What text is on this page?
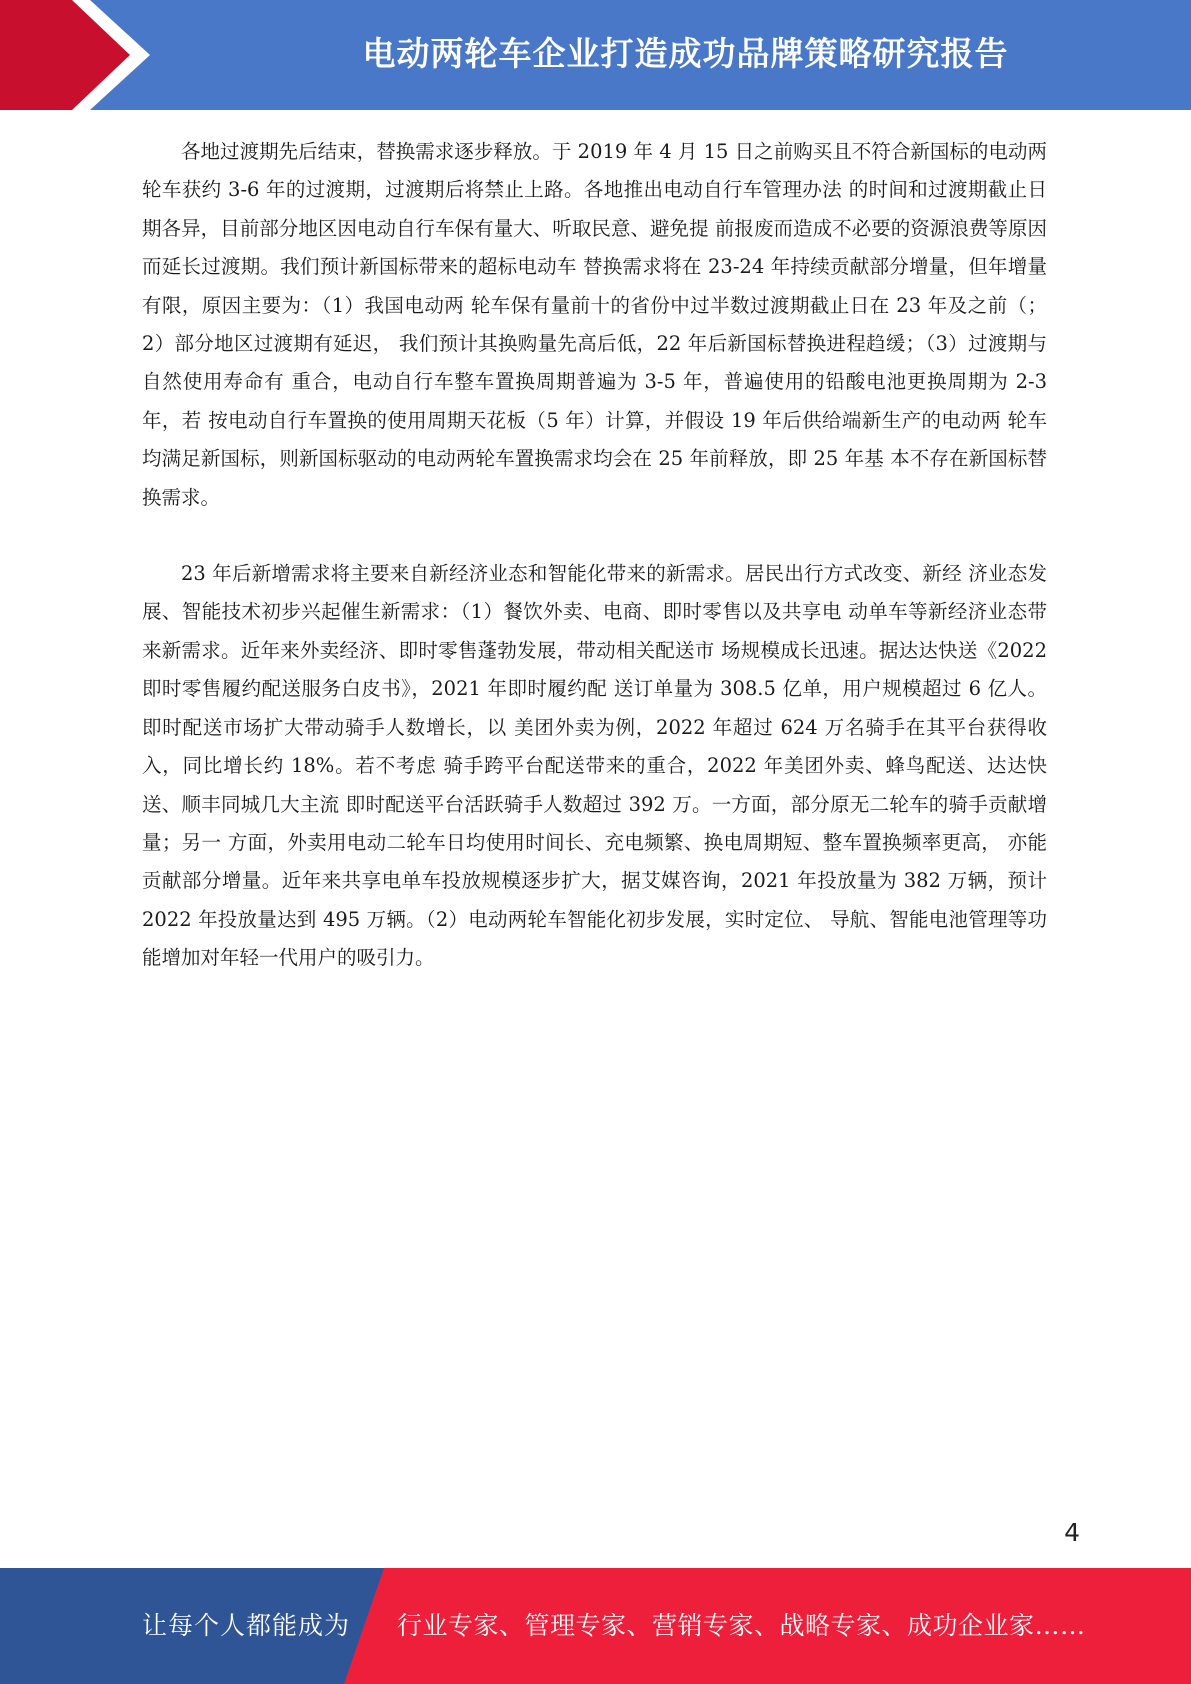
电动两轮车企业打造成功品牌策略研究报告

各地过渡期先后结束，替换需求逐步释放。于 2019 年 4 月 15 日之前购买且不符合新国标的电动两轮车获约 3-6 年的过渡期，过渡期后将禁止上路。各地推出电动自行车管理办法 的时间和过渡期截止日期各异，目前部分地区因电动自行车保有量大、听取民意、避免提 前报废而造成不必要的资源浪费等原因而延长过渡期。我们预计新国标带来的超标电动车 替换需求将在 23-24 年持续贡献部分增量，但年增量有限，原因主要为：（1）我国电动两 轮车保有量前十的省份中过半数过渡期截止日在 23 年及之前（；2）部分地区过渡期有延迟， 我们预计其换购量先高后低，22 年后新国标替换进程趋缓；（3）过渡期与自然使用寿命有 重合，电动自行车整车置换周期普遍为 3-5 年，普遍使用的铅酸电池更换周期为 2-3 年，若 按电动自行车置换的使用周期天花板（5 年）计算，并假设 19 年后供给端新生产的电动两 轮车均满足新国标，则新国标驱动的电动两轮车置换需求均会在 25 年前释放，即 25 年基 本不存在新国标替换需求。

23 年后新增需求将主要来自新经济业态和智能化带来的新需求。居民出行方式改变、新经 济业态发展、智能技术初步兴起催生新需求：（1）餐饮外卖、电商、即时零售以及共享电 动单车等新经济业态带来新需求。近年来外卖经济、即时零售蓬勃发展，带动相关配送市 场规模成长迅速。据达达快送《2022 即时零售履约配送服务白皮书》，2021 年即时履约配 送订单量为 308.5 亿单，用户规模超过 6 亿人。即时配送市场扩大带动骑手人数增长，以 美团外卖为例，2022 年超过 624 万名骑手在其平台获得收入，同比增长约 18%。若不考虑 骑手跨平台配送带来的重合，2022 年美团外卖、蜂鸟配送、达达快送、顺丰同城几大主流 即时配送平台活跃骑手人数超过 392 万。一方面，部分原无二轮车的骑手贡献增量；另一 方面，外卖用电动二轮车日均使用时间长、充电频繁、换电周期短、整车置换频率更高， 亦能贡献部分增量。近年来共享电单车投放规模逐步扩大，据艾媒咨询，2021 年投放量为 382 万辆，预计 2022 年投放量达到 495 万辆。（2）电动两轮车智能化初步发展，实时定位、 导航、智能电池管理等功能增加对年轻一代用户的吸引力。

4
让每个人都能成为 行业专家、管理专家、营销专家、战略专家、成功企业家……
